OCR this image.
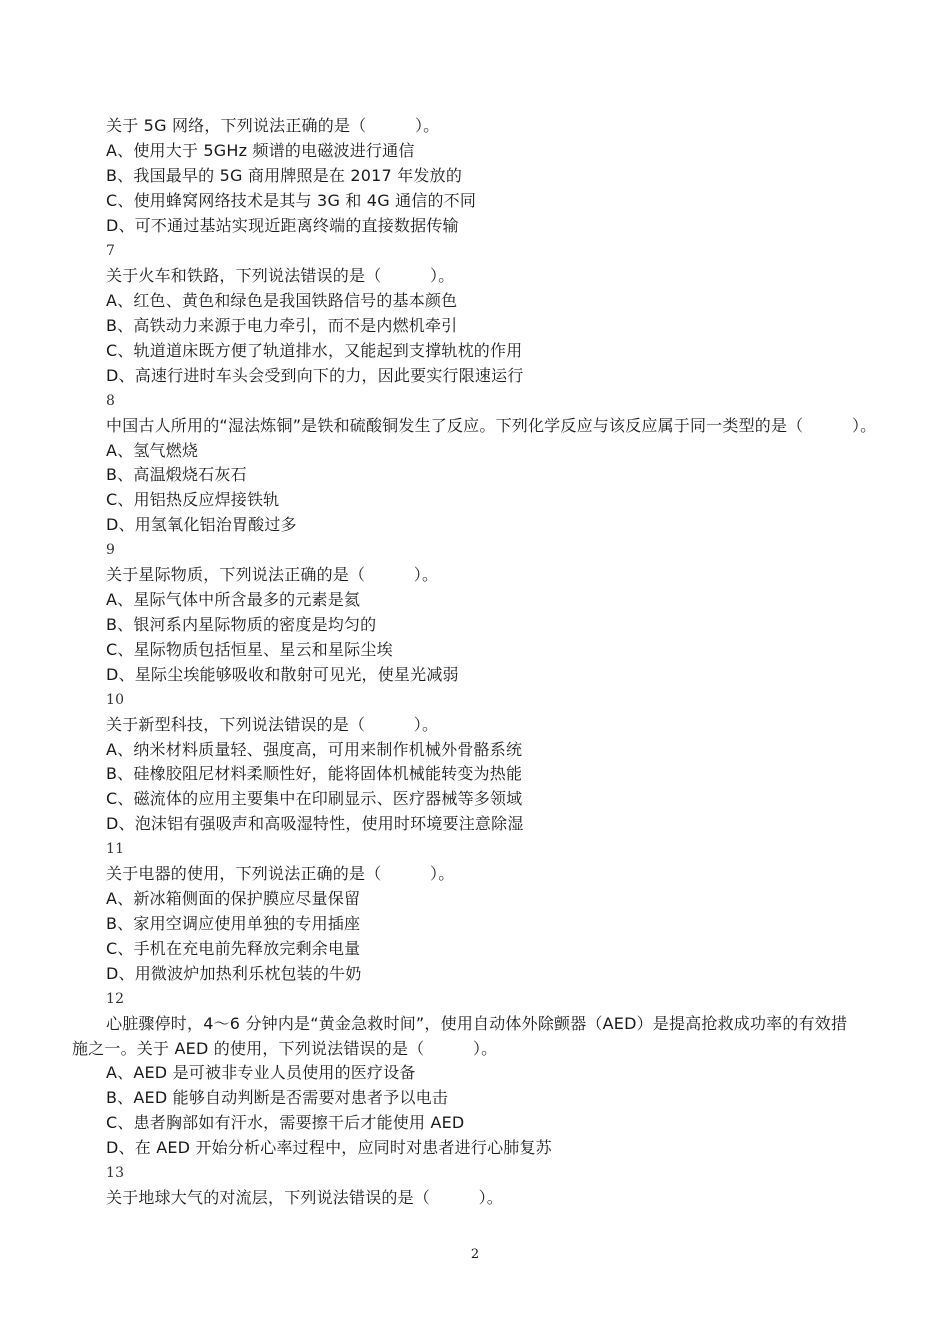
关于 5G 网络，下列说法正确的是（　　　）。
A、使用大于 5GHz 频谱的电磁波进行通信
B、我国最早的 5G 商用牌照是在 2017 年发放的
C、使用蜂窝网络技术是其与 3G 和 4G 通信的不同
D、可不通过基站实现近距离终端的直接数据传输
7
关于火车和铁路，下列说法错误的是（　　　）。
A、红色、黄色和绿色是我国铁路信号的基本颜色
B、高铁动力来源于电力牵引，而不是内燃机牵引
C、轨道道床既方便了轨道排水，又能起到支撑轨枕的作用
D、高速行进时车头会受到向下的力，因此要实行限速运行
8
中国古人所用的“湿法炼铜”是铁和硫酸铜发生了反应。下列化学反应与该反应属于同一类型的是（　　　）。
A、氢气燃烧
B、高温煅烧石灰石
C、用铝热反应焊接铁轨
D、用氢氧化铝治胃酸过多
9
关于星际物质，下列说法正确的是（　　　）。
A、星际气体中所含最多的元素是氦
B、银河系内星际物质的密度是均匀的
C、星际物质包括恒星、星云和星际尘埃
D、星际尘埃能够吸收和散射可见光，使星光减弱
10
关于新型科技，下列说法错误的是（　　　）。
A、纳米材料质量轻、强度高，可用来制作机械外骨骼系统
B、硅橡胶阻尼材料柔顺性好，能将固体机械能转变为热能
C、磁流体的应用主要集中在印刷显示、医疗器械等多领域
D、泡沫铝有强吸声和高吸湿特性，使用时环境要注意除湿
11
关于电器的使用，下列说法正确的是（　　　）。
A、新冰箱侧面的保护膜应尽量保留
B、家用空调应使用单独的专用插座
C、手机在充电前先释放完剩余电量
D、用微波炉加热利乐枕包装的牛奶
12
心脏骤停时，4～6 分钟内是“黄金急救时间”，使用自动体外除颤器（AED）是提高抢救成功率的有效措
施之一。关于 AED 的使用，下列说法错误的是（　　　）。
A、AED 是可被非专业人员使用的医疗设备
B、AED 能够自动判断是否需要对患者予以电击
C、患者胸部如有汗水，需要擦干后才能使用 AED
D、在 AED 开始分析心率过程中，应同时对患者进行心肺复苏
13
关于地球大气的对流层，下列说法错误的是（　　　）。
2
